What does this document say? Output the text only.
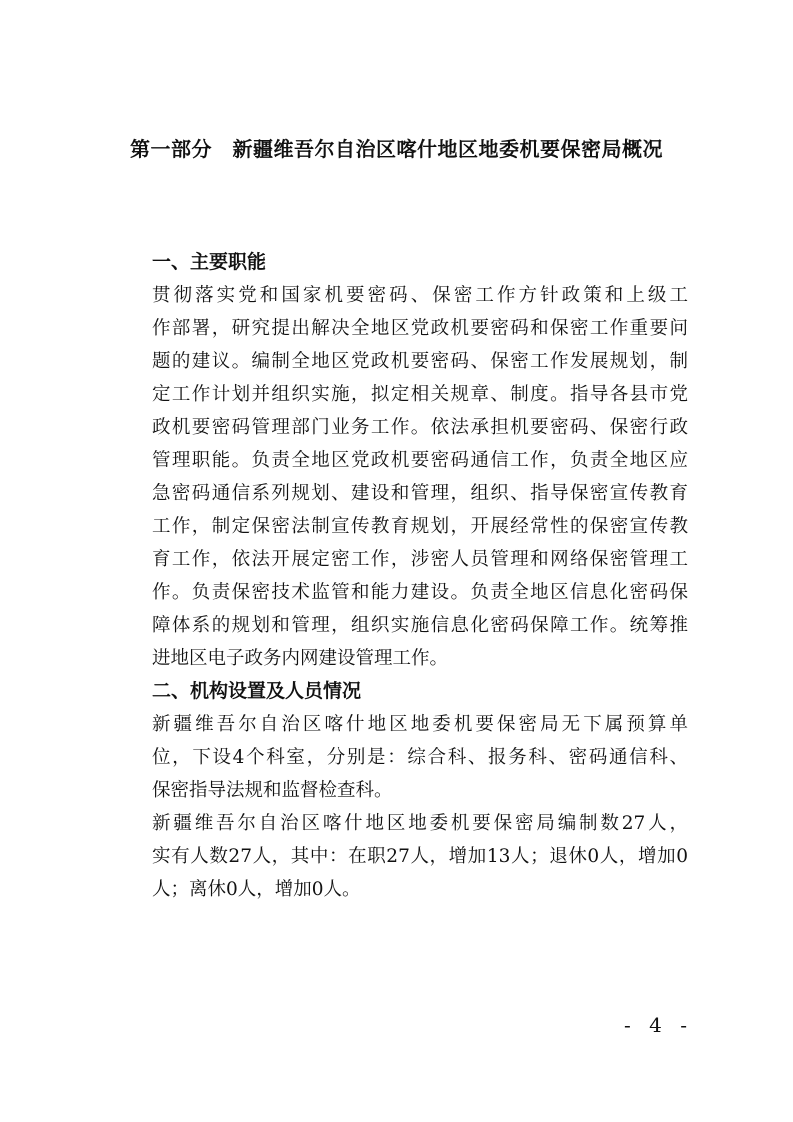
第一部分　新疆维吾尔自治区喀什地区地委机要保密局概况
一、主要职能

贯彻落实党和国家机要密码、保密工作方针政策和上级工
作部署，研究提出解决全地区党政机要密码和保密工作重要问
题的建议。编制全地区党政机要密码、保密工作发展规划，制
定工作计划并组织实施，拟定相关规章、制度。指导各县市党
政机要密码管理部门业务工作。依法承担机要密码、保密行政
管理职能。负责全地区党政机要密码通信工作，负责全地区应
急密码通信系列规划、建设和管理，组织、指导保密宣传教育
工作，制定保密法制宣传教育规划，开展经常性的保密宣传教
育工作，依法开展定密工作，涉密人员管理和网络保密管理工
作。负责保密技术监管和能力建设。负责全地区信息化密码保
障体系的规划和管理，组织实施信息化密码保障工作。统筹推
进地区电子政务内网建设管理工作。

二、机构设置及人员情况

新疆维吾尔自治区喀什地区地委机要保密局无下属预算单
位，下设4个科室，分别是：综合科、报务科、密码通信科、
保密指导法规和监督检查科。

新疆维吾尔自治区喀什地区地委机要保密局编制数27人，
实有人数27人，其中：在职27人，增加13人；退休0人，增加0
人；离休0人，增加0人。

- 4 -
